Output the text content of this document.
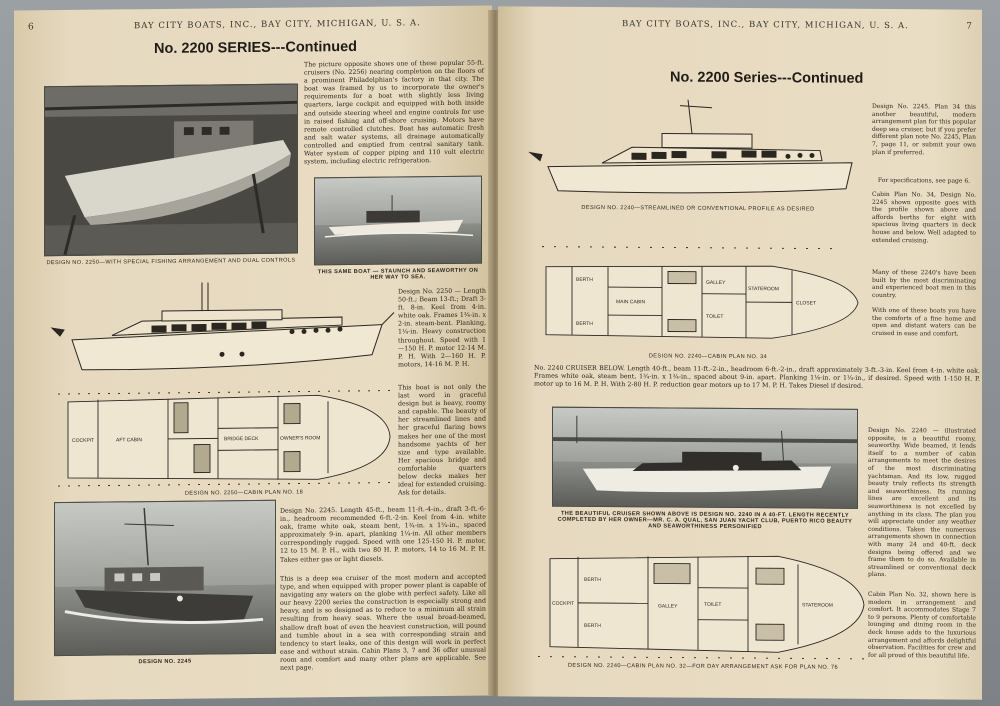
6	BAY CITY BOATS, INC., BAY CITY, MICHIGAN, U. S. A.
No. 2200 SERIES---Continued
DESIGN NO. 2250—WITH SPECIAL FISHING ARRANGEMENT AND DUAL CONTROLS
The picture opposite shows one of these popular 55-ft. cruisers (No. 2256) nearing completion on the floors of a prominent Philadelphian's factory in that city. The boat was framed by us to incorporate the owner's requirements for a boat with slightly less living quarters, large cockpit and equipped with both inside and outside steering wheel and engine controls for use in raised fishing and off-shore cruising. Motors have remote controlled clutches. Boat has automatic fresh and salt water systems, all drainage automatically controlled and emptied from central sanitary tank. Water system of copper piping and 110 volt electric system, including electric refrigeration.
THIS SAME BOAT — STAUNCH AND SEAWORTHY ON HER WAY TO SEA.
Design No. 2250 — Length 50-ft.; Beam 13-ft.; Draft 3-ft. 8-in. Keel from 4-in. white oak. Frames 1¾-in. x 2-in. steam-bent. Planking, 1¼-in. Heavy construction throughout. Speed with 1—150 H. P. motor 12-14 M. P. H. With 2—160 H. P. motors, 14-16 M. P. H.
This boat is not only the last word in graceful design but is heavy, roomy and capable. The beauty of her streamlined lines and her graceful flaring bows makes her one of the most handsome yachts of her size and type available. Her spacious bridge and comfortable quarters below decks makes her ideal for extended cruising. Ask for details.
AFT CABIN	BRIDGE DECK	OWNER'S ROOM
COCKPIT
DESIGN NO. 2250—CABIN PLAN NO. 18
DESIGN NO. 2245
Design No. 2245. Length 45-ft., beam 11-ft.-4-in., draft 3-ft.-6-in., headroom recommended 6-ft.-2-in. Keel from 4-in. white oak, frame white oak, steam bent, 1¾-in. x 1¾-in., spaced approximately 9-in. apart, planking 1¼-in. All other members correspondingly rugged. Speed with one 125-150 H. P. motor, 12 to 15 M. P. H., with two 80 H. P. motors, 14 to 16 M. P. H. Takes either gas or light diesels.
This is a deep sea cruiser of the most modern and accepted type, and when equipped with proper power plant is capable of navigating any waters on the globe with perfect safety. Like all our heavy 2200 series the construction is especially strong and heavy, and is so designed as to reduce to a minimum all strain resulting from heavy seas. Where the usual broad-beamed, shallow draft boat of even the heaviest construction, will pound and tumble about in a sea with corresponding strain and tendency to start leaks, one of this design will work in perfect ease and without strain. Cabin Plans 3, 7 and 36 offer unusual room and comfort and many other plans are applicable. See next page.
BAY CITY BOATS, INC., BAY CITY, MICHIGAN, U. S. A.	7
No. 2200 Series---Continued
DESIGN NO. 2240—STREAMLINED OR CONVENTIONAL PROFILE AS DESIRED
Design No. 2245. Plan 34 this another beautiful, modern arrangement plan for this popular deep sea cruiser, but if you prefer different plan note No. 2245, Plan 7, page 11, or submit your own plan if preferred.
For specifications, see page 6.
Cabin Plan No. 34, Design No. 2245 shown opposite goes with the profile shown above and affords berths for eight with spacious living quarters in deck house and below. Well adapted to extended cruising.
Many of these 2240's have been built by the most discriminating and experienced boat men in this country.
With one of these boats you have the comforts of a fine home and open and distant waters can be cruised in ease and comfort.
MAIN CABIN
BERTH
BERTH
GALLEY
TOILET
STATEROOM
CLOSET
DESIGN NO. 2240—CABIN PLAN NO. 34
No. 2240 CRUISER BELOW. Length 40-ft., beam 11-ft.-2-in., headroom 6-ft.-2-in., draft approximately 3-ft.-3-in. Keel from 4-in. white oak. Frames white oak, steam bent, 1¾-in. x 1¾-in., spaced about 9-in. apart. Planking 1⅛-in. or 1¼-in., if desired. Speed with 1-150 H. P. motor up to 16 M. P. H. With 2-80 H. P. reduction gear motors up to 17 M. P. H. Takes Diesel if desired.
THE BEAUTIFUL CRUISER SHOWN ABOVE IS DESIGN NO. 2240 IN A 40-FT. LENGTH RECENTLY COMPLETED BY HER OWNER—MR. C. A. QUAL, SAN JUAN YACHT CLUB, PUERTO RICO BEAUTY AND SEAWORTHINESS PERSONIFIED
Design No. 2240 — illustrated opposite, is a beautiful roomy, seaworthy. Wide beamed, it lends itself to a number of cabin arrangements to meet the desires of the most discriminating yachtsman. And its low, rugged beauty truly reflects its strength and seaworthiness. Its running lines are excellent and its seaworthiness is not excelled by anything in its class. The plan you will appreciate under any weather conditions. Taken the numerous arrangements shown in connection with many 24 and 40-ft. deck designs being offered and we frame them to do so. Available in streamlined or conventional deck plans.
Cabin Plan No. 32, shown here is modern in arrangement and comfort. It accommodates Stage 7 to 9 persons. Plenty of comfortable lounging and dining room in the deck house adds to the luxurious arrangement and affords delightful observation. Facilities for crew and for all proud of this beautiful life.
COCKPIT
BERTH
BERTH
GALLEY	TOILET	STATEROOM
DESIGN NO. 2240—CABIN PLAN NO. 32—FOR DAY ARRANGEMENT ASK FOR PLAN NO. 76
